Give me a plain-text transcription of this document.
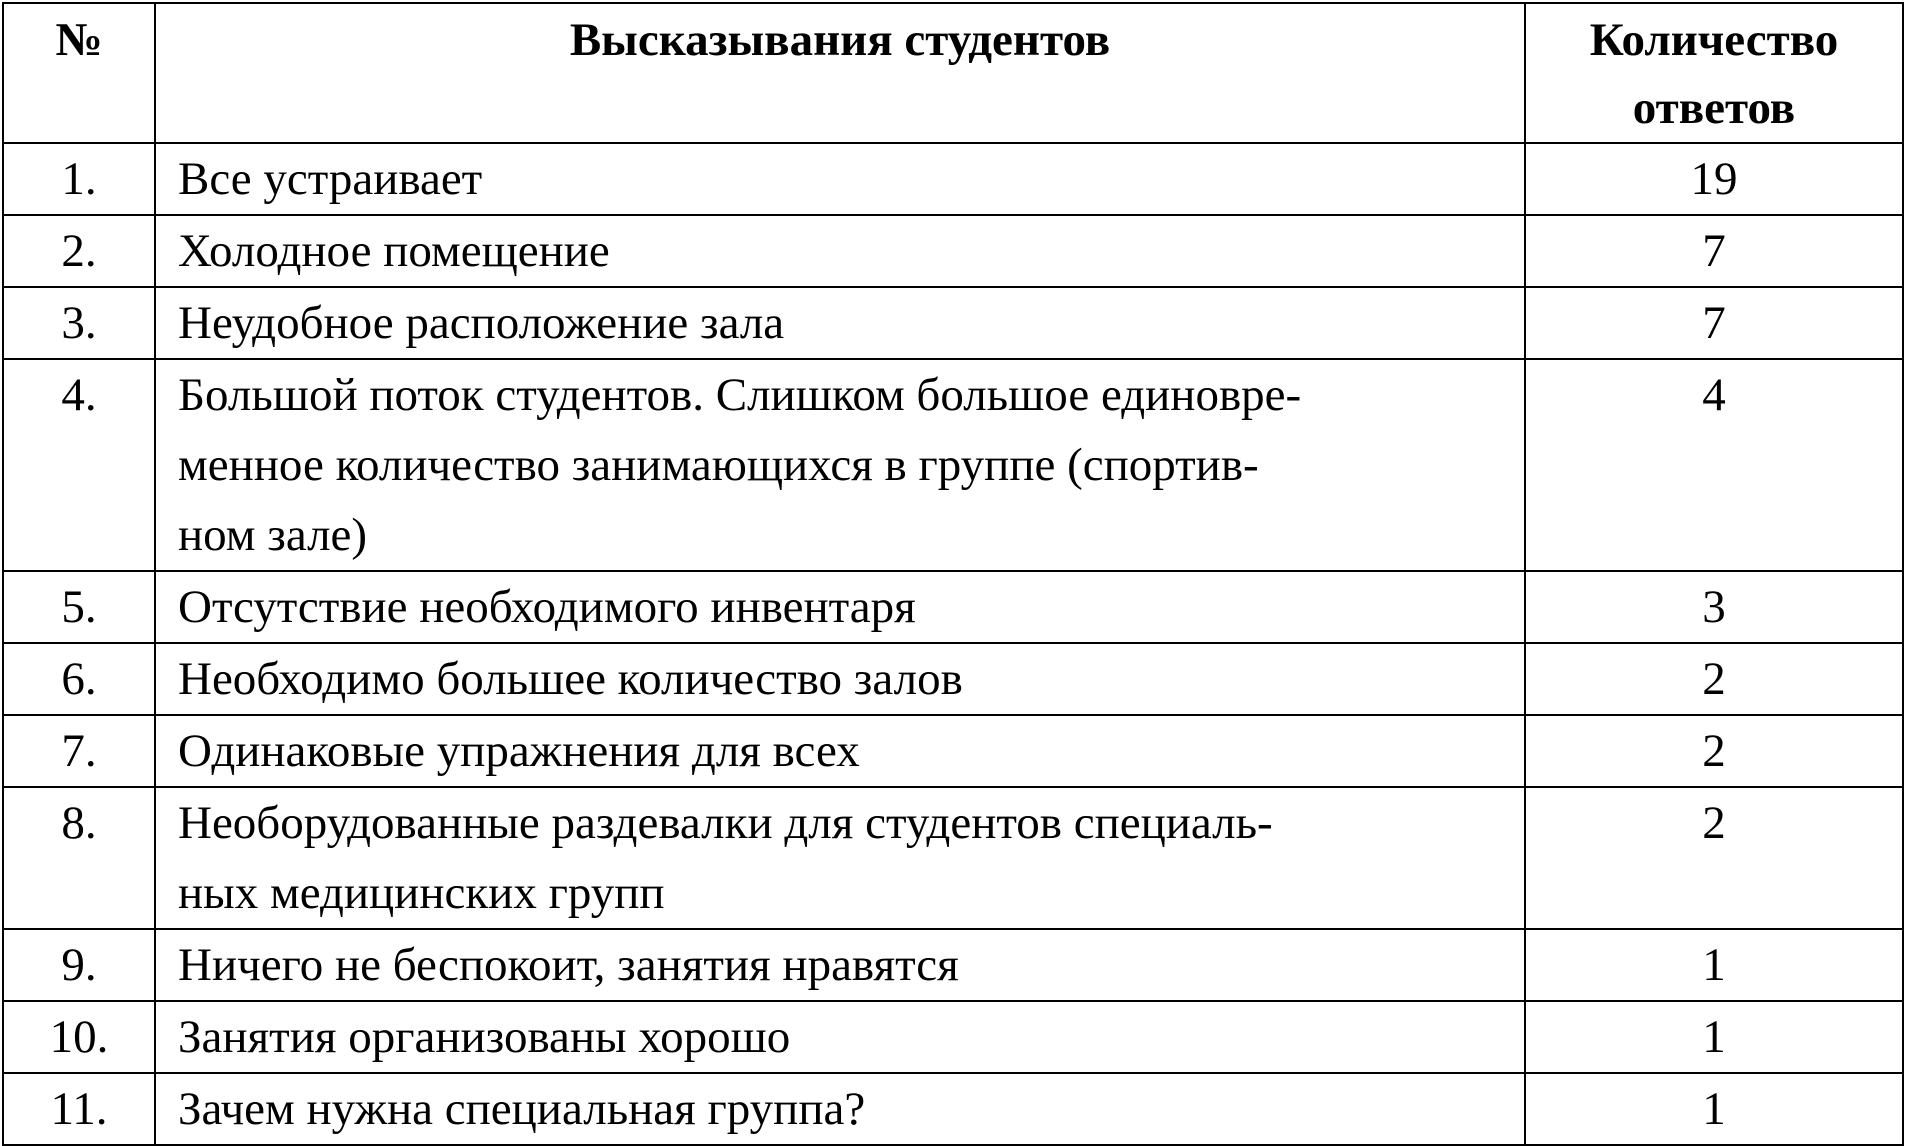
№	Высказывания студентов	Количество
ответов

1.	Все устраивает	19
2.	Холодное помещение	7
3.	Неудобное расположение зала	7
4.	Большой поток студентов. Слишком большое единовре-
менное количество занимающихся в группе (спортив-
ном зале)	4
5.	Отсутствие необходимого инвентаря	3
6.	Необходимо большее количество залов	2
7.	Одинаковые упражнения для всех	2
8.	Необорудованные раздевалки для студентов специаль-
ных медицинских групп	2
9.	Ничего не беспокоит, занятия нравятся	1
10.	Занятия организованы хорошо	1
11.	Зачем нужна специальная группа?	1
